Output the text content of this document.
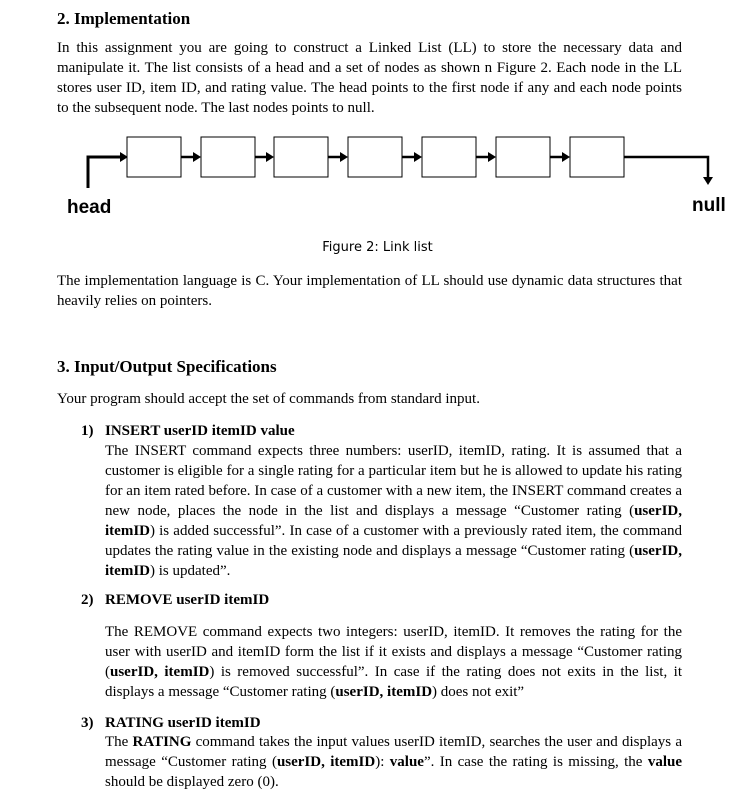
2. Implementation
In this assignment you are going to construct a Linked List (LL) to store the necessary data and manipulate it. The list consists of a head and a set of nodes as shown n Figure 2. Each node in the LL stores user ID, item ID, and rating value. The head points to the first node if any and each node points to the subsequent node. The last nodes points to null.
head	null
Figure 2: Link list
The implementation language is C. Your implementation of LL should use dynamic data structures that heavily relies on pointers.
3. Input/Output Specifications
Your program should accept the set of commands from standard input.
1) INSERT userID itemID value
The INSERT command expects three numbers: userID, itemID, rating. It is assumed that a customer is eligible for a single rating for a particular item but he is allowed to update his rating for an item rated before. In case of a customer with a new item, the INSERT command creates a new node, places the node in the list and displays a message “Customer rating (userID, itemID) is added successful”. In case of a customer with a previously rated item, the command updates the rating value in the existing node and displays a message “Customer rating (userID, itemID) is updated”.
2) REMOVE userID itemID
The REMOVE command expects two integers: userID, itemID. It removes the rating for the user with userID and itemID form the list if it exists and displays a message “Customer rating (userID, itemID) is removed successful”. In case if the rating does not exits in the list, it displays a message “Customer rating (userID, itemID) does not exit”
3) RATING userID itemID
The RATING command takes the input values userID itemID, searches the user and displays a message “Customer rating (userID, itemID): value”. In case the rating is missing, the value should be displayed zero (0).
